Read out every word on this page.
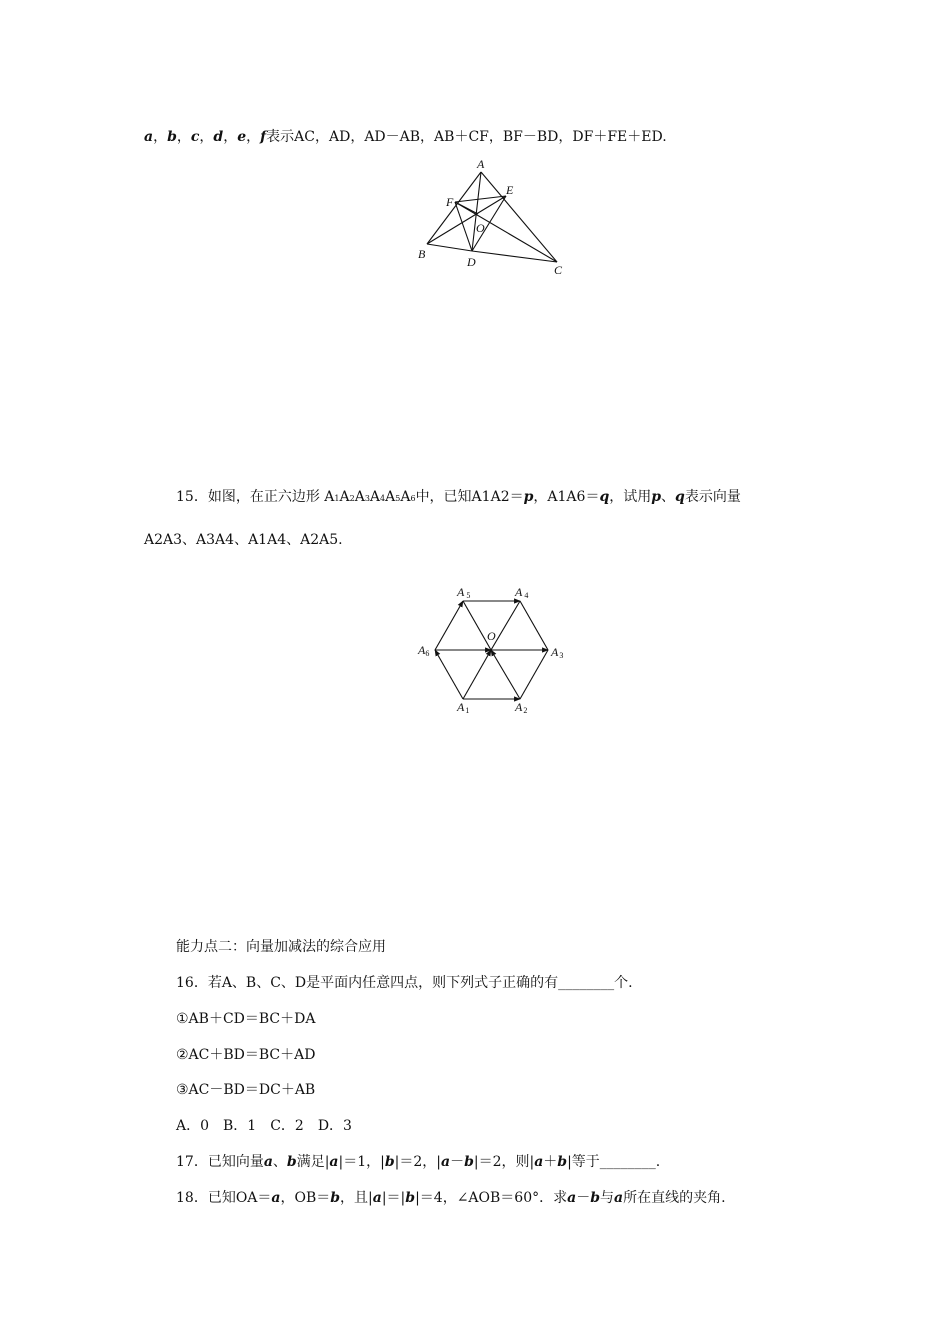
a，b，c，d，e，f表示AC，AD，AD－AB，AB＋CF，BF－BD，DF＋FE＋ED.
A
E
F
O
B
D
C
15．如图，在正六边形 A1A2A3A4A5A6中，已知A1A2＝p，A1A6＝q，试用p、q表示向量
A2A3、A3A4、A1A4、A2A5.
A 5	A 4
A6	A3
A1	A2
O
能力点二：向量加减法的综合应用
16．若A、B、C、D是平面内任意四点，则下列式子正确的有________个.
①AB＋CD＝BC＋DA
②AC＋BD＝BC＋AD
③AC－BD＝DC＋AB
A．0　B．1　C．2　D．3
17．已知向量a、b满足|a|＝1，|b|＝2，|a－b|＝2，则|a＋b|等于________.
18．已知OA＝a，OB＝b，且|a|＝|b|＝4，∠AOB＝60°．求a－b与a所在直线的夹角.
